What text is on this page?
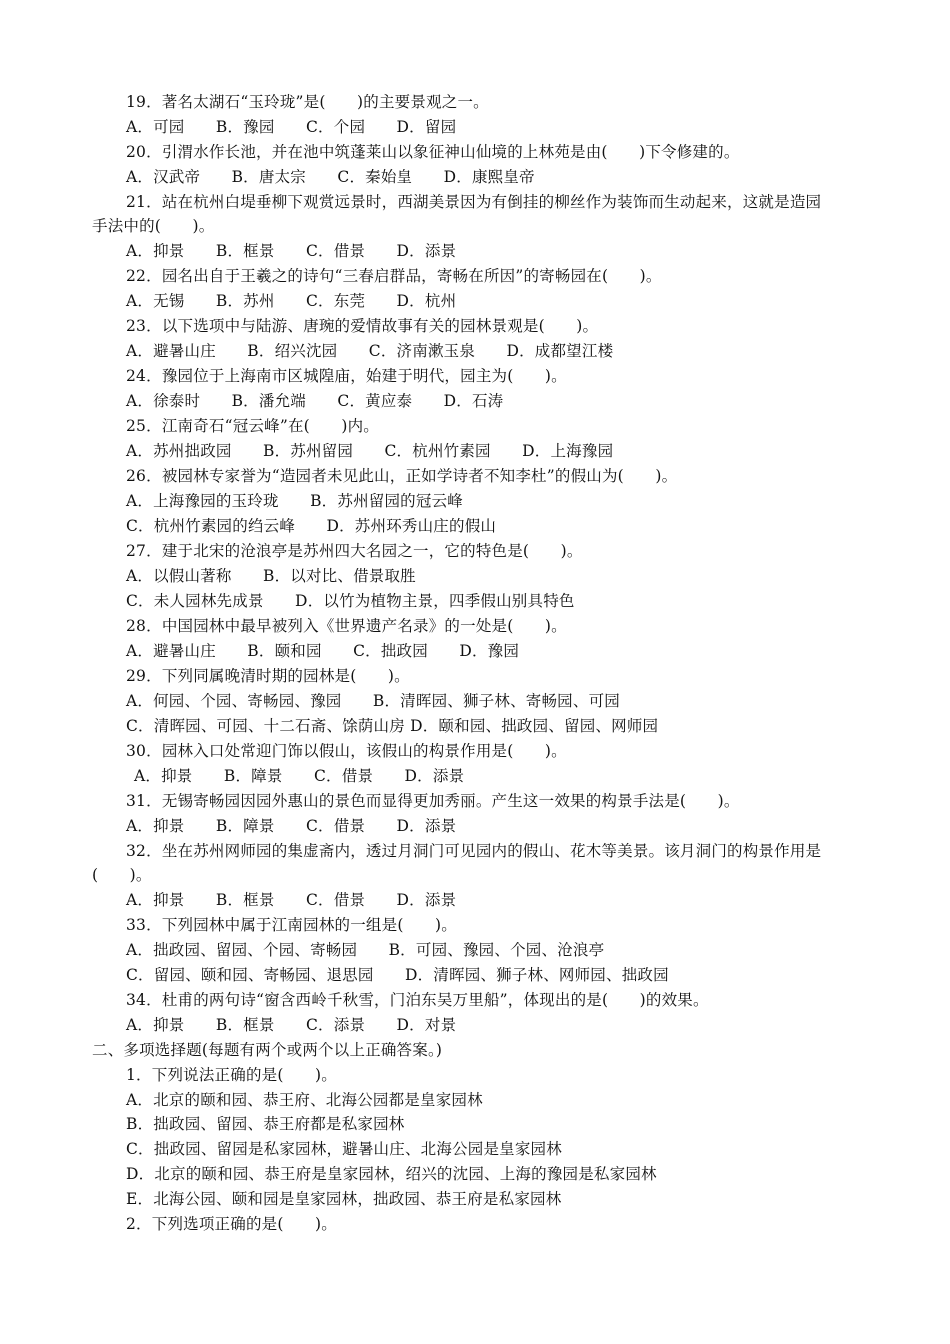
19．著名太湖石“玉玲珑”是(　　)的主要景观之一。
A．可园　　B．豫园　　C．个园　　D．留园
20．引渭水作长池，并在池中筑蓬莱山以象征神山仙境的上林苑是由(　　)下令修建的。
A．汉武帝　　B．唐太宗　　C．秦始皇　　D．康熙皇帝
21．站在杭州白堤垂柳下观赏远景时，西湖美景因为有倒挂的柳丝作为装饰而生动起来，这就是造园
手法中的(　　)。
A．抑景　　B．框景　　C．借景　　D．添景
22．园名出自于王羲之的诗句“三春启群品，寄畅在所因”的寄畅园在(　　)。
A．无锡　　B．苏州　　C．东莞　　D．杭州
23．以下选项中与陆游、唐琬的爱情故事有关的园林景观是(　　)。
A．避暑山庄　　B．绍兴沈园　　C．济南漱玉泉　　D．成都望江楼
24．豫园位于上海南市区城隍庙，始建于明代，园主为(　　)。
A．徐泰时　　B．潘允端　　C．黄应泰　　D．石涛
25．江南奇石“冠云峰”在(　　)内。
A．苏州拙政园　　B．苏州留园　　C．杭州竹素园　　D．上海豫园
26．被园林专家誉为“造园者未见此山，正如学诗者不知李杜”的假山为(　　)。
A．上海豫园的玉玲珑　　B．苏州留园的冠云峰
C．杭州竹素园的绉云峰　　D．苏州环秀山庄的假山
27．建于北宋的沧浪亭是苏州四大名园之一，它的特色是(　　)。
A．以假山著称　　B．以对比、借景取胜
C．未人园林先成景　　D．以竹为植物主景，四季假山别具特色
28．中国园林中最早被列入《世界遗产名录》的一处是(　　)。
A．避暑山庄　　B．颐和园　　C．拙政园　　D．豫园
29．下列同属晚清时期的园林是(　　)。
A．何园、个园、寄畅园、豫园　　B．清晖园、狮子林、寄畅园、可园
C．清晖园、可园、十二石斋、馀荫山房 D．颐和园、拙政园、留园、网师园
30．园林入口处常迎门饰以假山，该假山的构景作用是(　　)。
A．抑景　　B．障景　　C．借景　　D．添景
31．无锡寄畅园因园外惠山的景色而显得更加秀丽。产生这一效果的构景手法是(　　)。
A．抑景　　B．障景　　C．借景　　D．添景
32．坐在苏州网师园的集虚斋内，透过月洞门可见园内的假山、花木等美景。该月洞门的构景作用是
(　　)。
A．抑景　　B．框景　　C．借景　　D．添景
33．下列园林中属于江南园林的一组是(　　)。
A．拙政园、留园、个园、寄畅园　　B．可园、豫园、个园、沧浪亭
C．留园、颐和园、寄畅园、退思园　　D．清晖园、狮子林、网师园、拙政园
34．杜甫的两句诗“窗含西岭千秋雪，门泊东吴万里船”，体现出的是(　　)的效果。
A．抑景　　B．框景　　C．添景　　D．对景
二、多项选择题(每题有两个或两个以上正确答案。)
1．下列说法正确的是(　　)。
A．北京的颐和园、恭王府、北海公园都是皇家园林
B．拙政园、留园、恭王府都是私家园林
C．拙政园、留园是私家园林，避暑山庄、北海公园是皇家园林
D．北京的颐和园、恭王府是皇家园林，绍兴的沈园、上海的豫园是私家园林
E．北海公园、颐和园是皇家园林，拙政园、恭王府是私家园林
2．下列选项正确的是(　　)。
